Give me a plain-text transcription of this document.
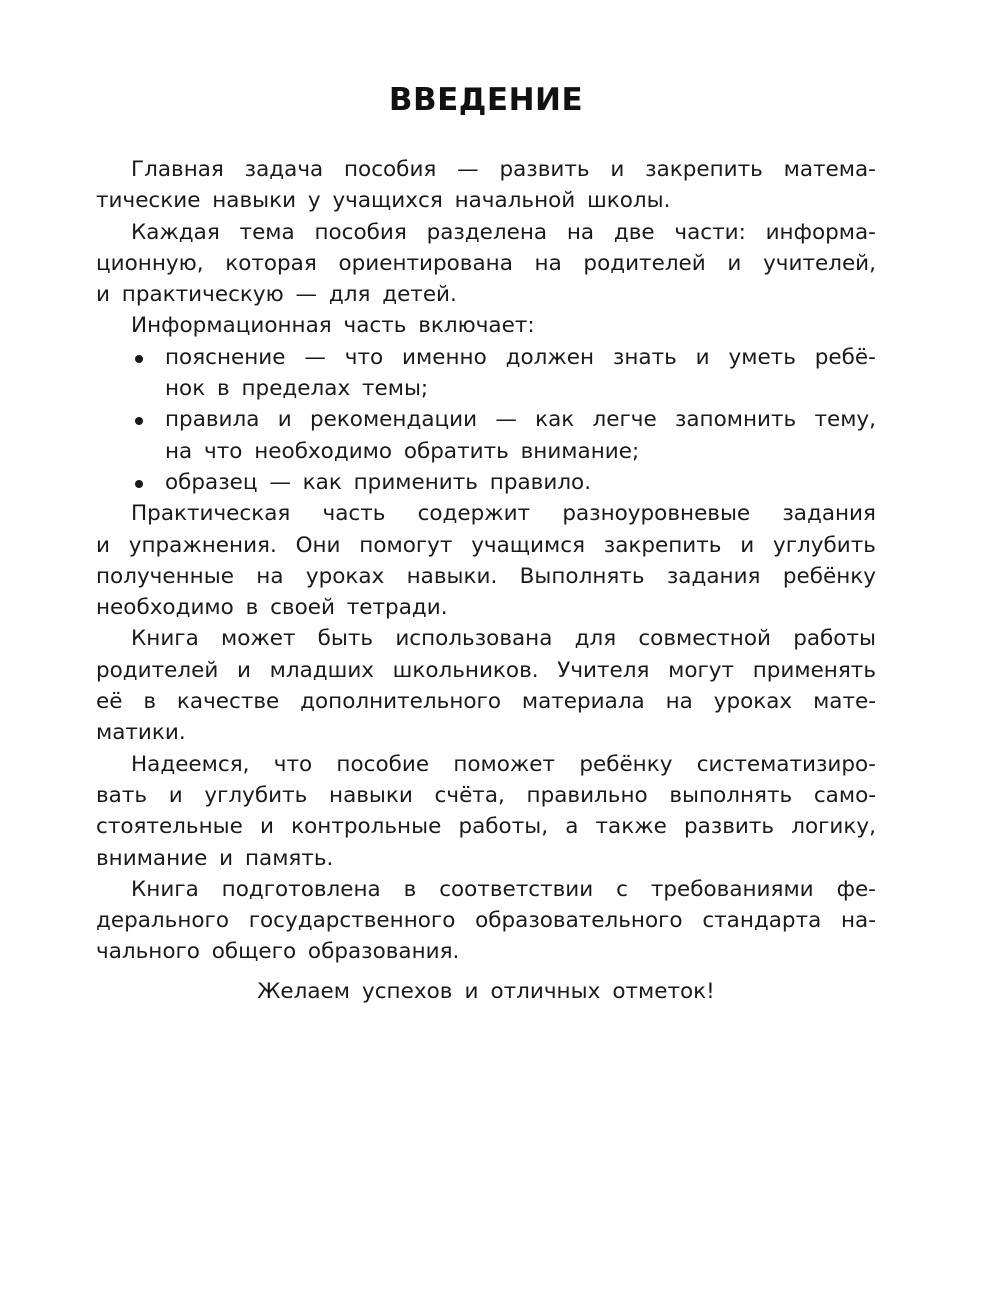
ВВЕДЕНИЕ
Главная задача пособия — развить и закрепить матема-
тические навыки у учащихся начальной школы.
Каждая тема пособия разделена на две части: информа-
ционную, которая ориентирована на родителей и учителей,
и практическую — для детей.
Информационная часть включает:
пояснение — что именно должен знать и уметь ребё-
нок в пределах темы;
правила и рекомендации — как легче запомнить тему,
на что необходимо обратить внимание;
образец — как применить правило.
Практическая часть содержит разноуровневые задания
и упражнения. Они помогут учащимся закрепить и углубить
полученные на уроках навыки. Выполнять задания ребёнку
необходимо в своей тетради.
Книга может быть использована для совместной работы
родителей и младших школьников. Учителя могут применять
её в качестве дополнительного материала на уроках мате-
матики.
Надеемся, что пособие поможет ребёнку систематизиро-
вать и углубить навыки счёта, правильно выполнять само-
стоятельные и контрольные работы, а также развить логику,
внимание и память.
Книга подготовлена в соответствии с требованиями фе-
дерального государственного образовательного стандарта на-
чального общего образования.
Желаем успехов и отличных отметок!
